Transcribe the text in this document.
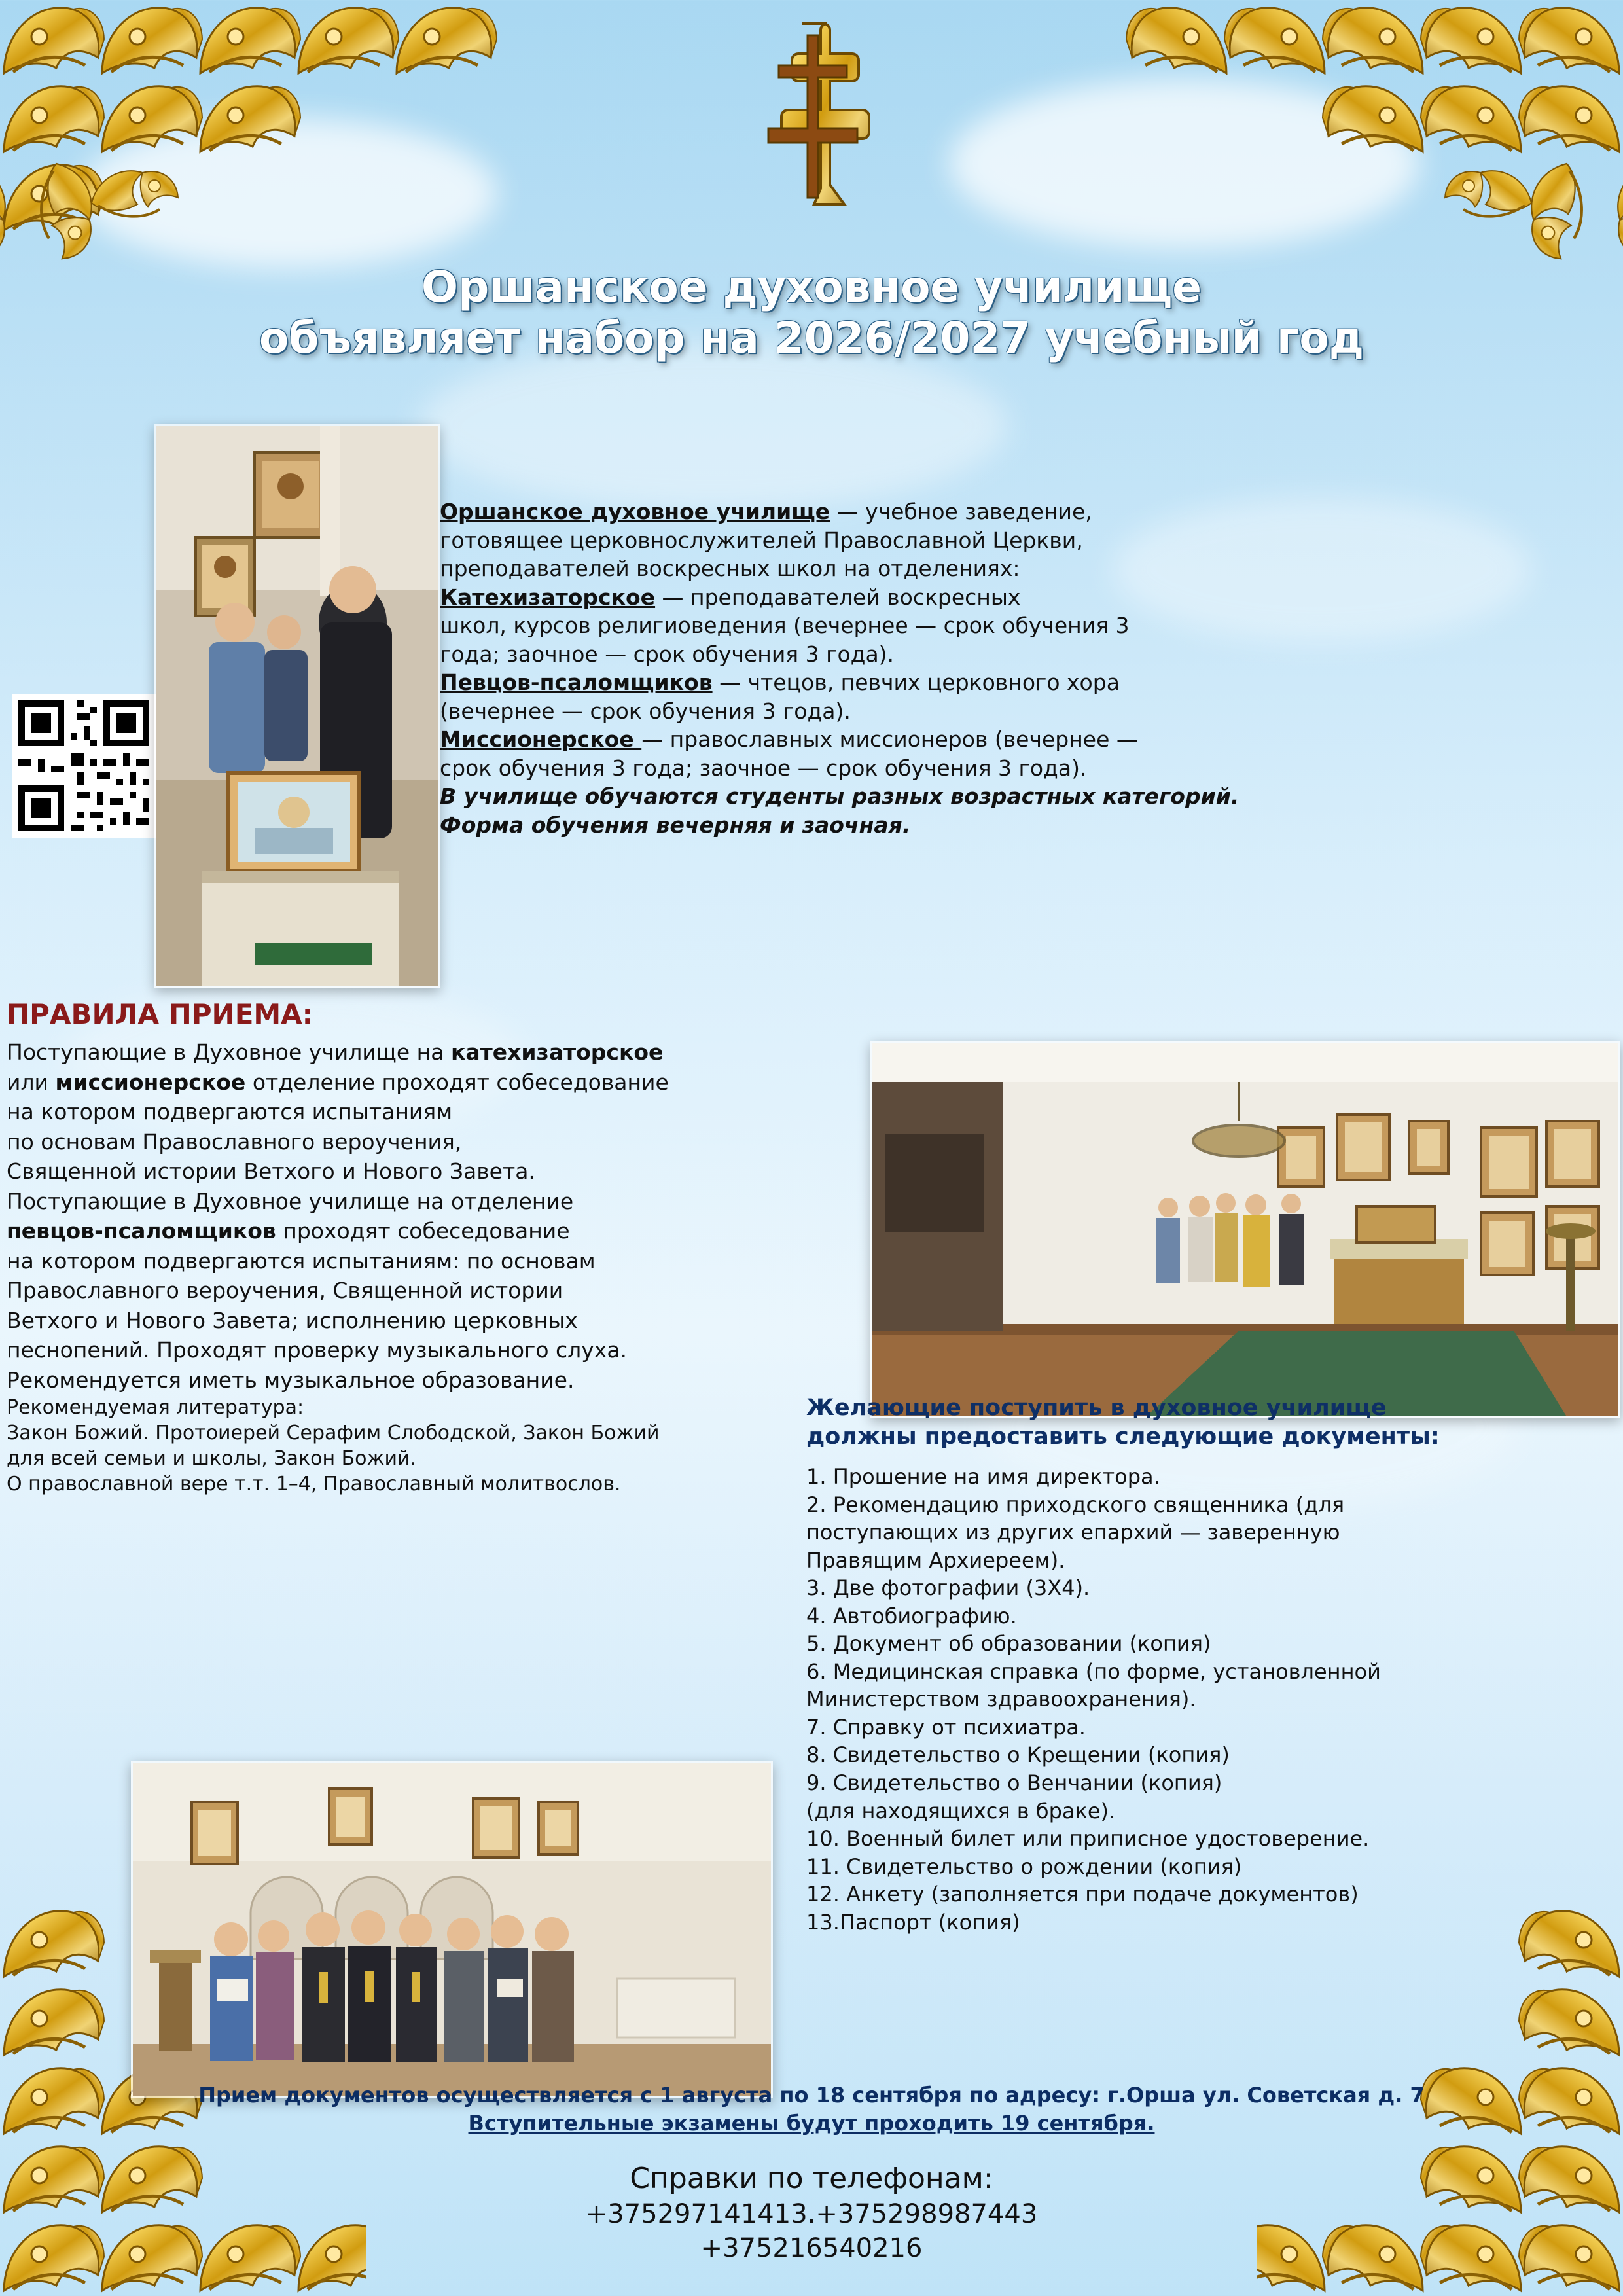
Оршанское духовное училище
объявляет набор на 2026/2027 учебный год
Оршанское духовное училище — учебное заведение,
готовящее церковнослужителей Православной Церкви,
преподавателей воскресных школ на отделениях:
Катехизаторское — преподавателей воскресных
школ, курсов религиоведения (вечернее — срок обучения 3
года; заочное — срок обучения 3 года).
Певцов-псаломщиков — чтецов, певчих церковного хора
(вечернее — срок обучения 3 года).
Миссионерское — православных миссионеров (вечернее —
срок обучения 3 года; заочное — срок обучения 3 года).
В училище обучаются студенты разных возрастных категорий.
Форма обучения вечерняя и заочная.
ПРАВИЛА ПРИЕМА:
Поступающие в Духовное училище на катехизаторское
или миссионерское отделение проходят собеседование
на котором подвергаются испытаниям
по основам Православного вероучения,
Священной истории Ветхого и Нового Завета.
Поступающие в Духовное училище на отделение
певцов-псаломщиков проходят собеседование
на котором подвергаются испытаниям: по основам
Православного вероучения, Священной истории
Ветхого и Нового Завета; исполнению церковных
песнопений. Проходят проверку музыкального слуха.
Рекомендуется иметь музыкальное образование.
Рекомендуемая литература:
Закон Божий. Протоиерей Серафим Слободской, Закон Божий
для всей семьи и школы, Закон Божий.
О православной вере т.т. 1–4, Православный молитвослов.
Желающие поступить в духовное училище
должны предоставить следующие документы:
1. Прошение на имя директора.
2. Рекомендацию приходского священника (для
поступающих из других епархий — заверенную
Правящим Архиереем).
3. Две фотографии (3Х4).
4. Автобиографию.
5. Документ об образовании (копия)
6. Медицинская справка (по форме, установленной
Министерством здравоохранения).
7. Справку от психиатра.
8. Свидетельство о Крещении (копия)
9. Свидетельство о Венчании (копия)
(для находящихся в браке).
10. Военный билет или приписное удостоверение.
11. Свидетельство о рождении (копия)
12. Анкету (заполняется при подаче документов)
13.Паспорт (копия)
Прием документов осуществляется с 1 августа по 18 сентября по адресу: г.Орша ул. Советская д. 7
Вступительные экзамены будут проходить 19 сентября.
Справки по телефонам:
+375297141413.+375298987443
+375216540216
